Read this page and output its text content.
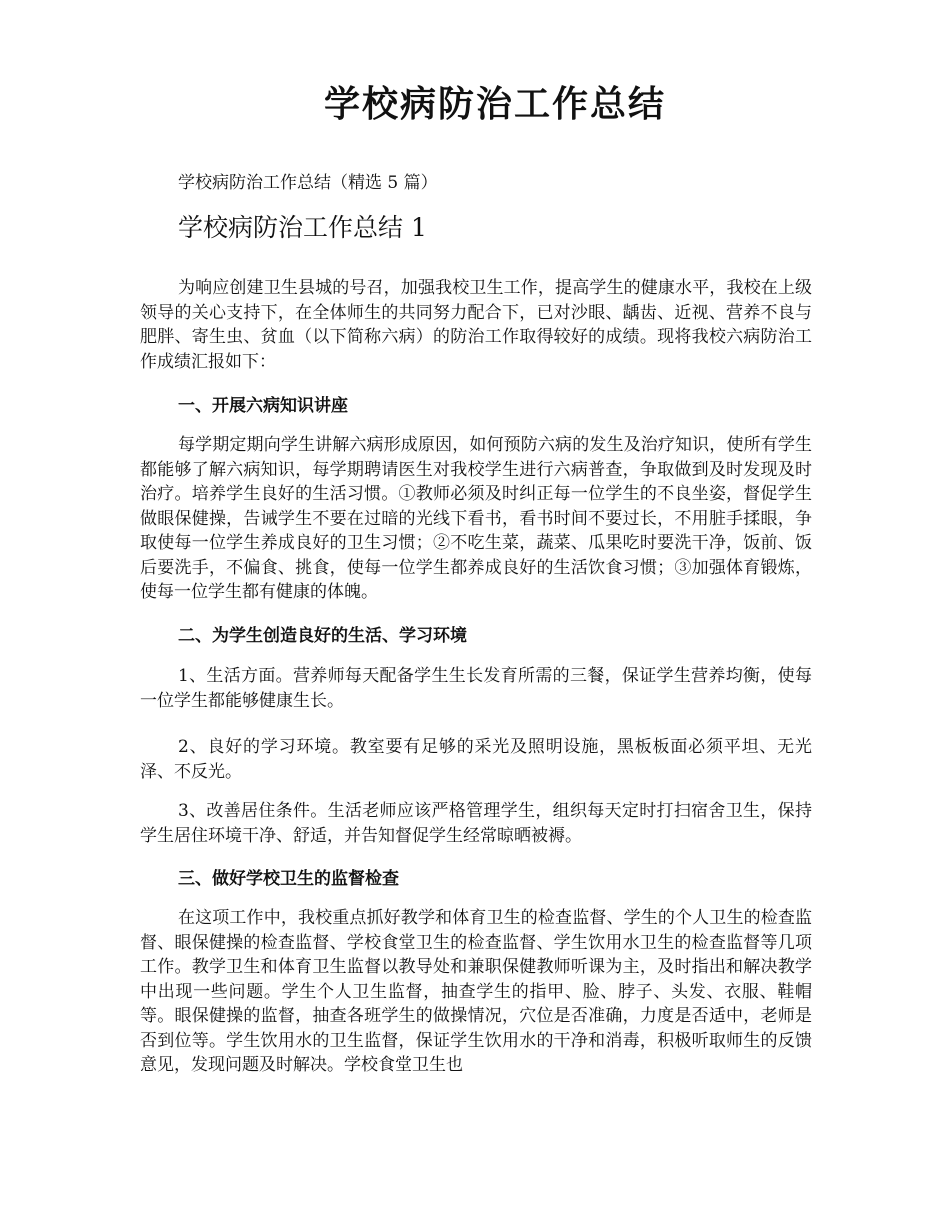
学校病防治工作总结

学校病防治工作总结（精选 5 篇）

学校病防治工作总结 1

为响应创建卫生县城的号召，加强我校卫生工作，提高学生的健康水平，我校在上级领导的关心支持下，在全体师生的共同努力配合下，已对沙眼、龋齿、近视、营养不良与肥胖、寄生虫、贫血（以下简称六病）的防治工作取得较好的成绩。现将我校六病防治工作成绩汇报如下：

一、开展六病知识讲座

每学期定期向学生讲解六病形成原因，如何预防六病的发生及治疗知识，使所有学生都能够了解六病知识，每学期聘请医生对我校学生进行六病普查，争取做到及时发现及时治疗。培养学生良好的生活习惯。①教师必须及时纠正每一位学生的不良坐姿，督促学生做眼保健操，告诫学生不要在过暗的光线下看书，看书时间不要过长，不用脏手揉眼，争取使每一位学生养成良好的卫生习惯；②不吃生菜，蔬菜、瓜果吃时要洗干净，饭前、饭后要洗手，不偏食、挑食，使每一位学生都养成良好的生活饮食习惯；③加强体育锻炼，使每一位学生都有健康的体魄。

二、为学生创造良好的生活、学习环境

1、生活方面。营养师每天配备学生生长发育所需的三餐，保证学生营养均衡，使每一位学生都能够健康生长。

2、良好的学习环境。教室要有足够的采光及照明设施，黑板板面必须平坦、无光泽、不反光。

3、改善居住条件。生活老师应该严格管理学生，组织每天定时打扫宿舍卫生，保持学生居住环境干净、舒适，并告知督促学生经常晾晒被褥。

三、做好学校卫生的监督检查

在这项工作中，我校重点抓好教学和体育卫生的检查监督、学生的个人卫生的检查监督、眼保健操的检查监督、学校食堂卫生的检查监督、学生饮用水卫生的检查监督等几项工作。教学卫生和体育卫生监督以教导处和兼职保健教师听课为主，及时指出和解决教学中出现一些问题。学生个人卫生监督，抽查学生的指甲、脸、脖子、头发、衣服、鞋帽等。眼保健操的监督，抽查各班学生的做操情况，穴位是否准确，力度是否适中，老师是否到位等。学生饮用水的卫生监督，保证学生饮用水的干净和消毒，积极听取师生的反馈意见，发现问题及时解决。学校食堂卫生也
